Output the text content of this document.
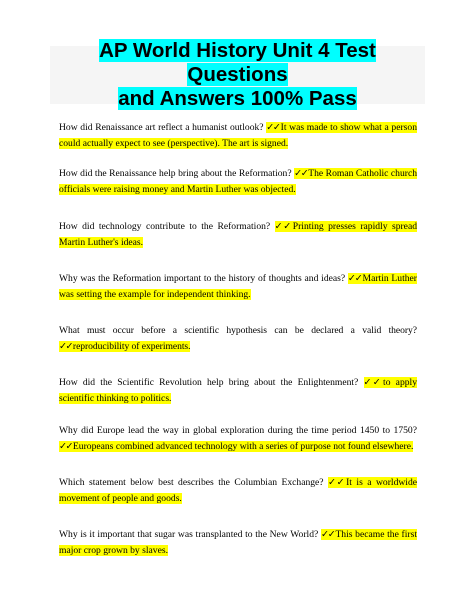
AP World History Unit 4 Test Questions
and Answers 100% Pass

How did Renaissance art reflect a humanist outlook? ✓✓It was made to show what a person could actually expect to see (perspective). The art is signed.

How did the Renaissance help bring about the Reformation? ✓✓The Roman Catholic church officials were raising money and Martin Luther was objected.

How did technology contribute to the Reformation? ✓✓Printing presses rapidly spread Martin Luther's ideas.

Why was the Reformation important to the history of thoughts and ideas? ✓✓Martin Luther was setting the example for independent thinking.

What must occur before a scientific hypothesis can be declared a valid theory?✓✓reproducibility of experiments.

How did the Scientific Revolution help bring about the Enlightenment? ✓✓to apply scientific thinking to politics.

Why did Europe lead the way in global exploration during the time period 1450 to 1750? ✓✓Europeans combined advanced technology with a series of purpose not found elsewhere.

Which statement below best describes the Columbian Exchange? ✓✓It is a worldwide movement of people and goods.

Why is it important that sugar was transplanted to the New World? ✓✓This became the first major crop grown by slaves.
